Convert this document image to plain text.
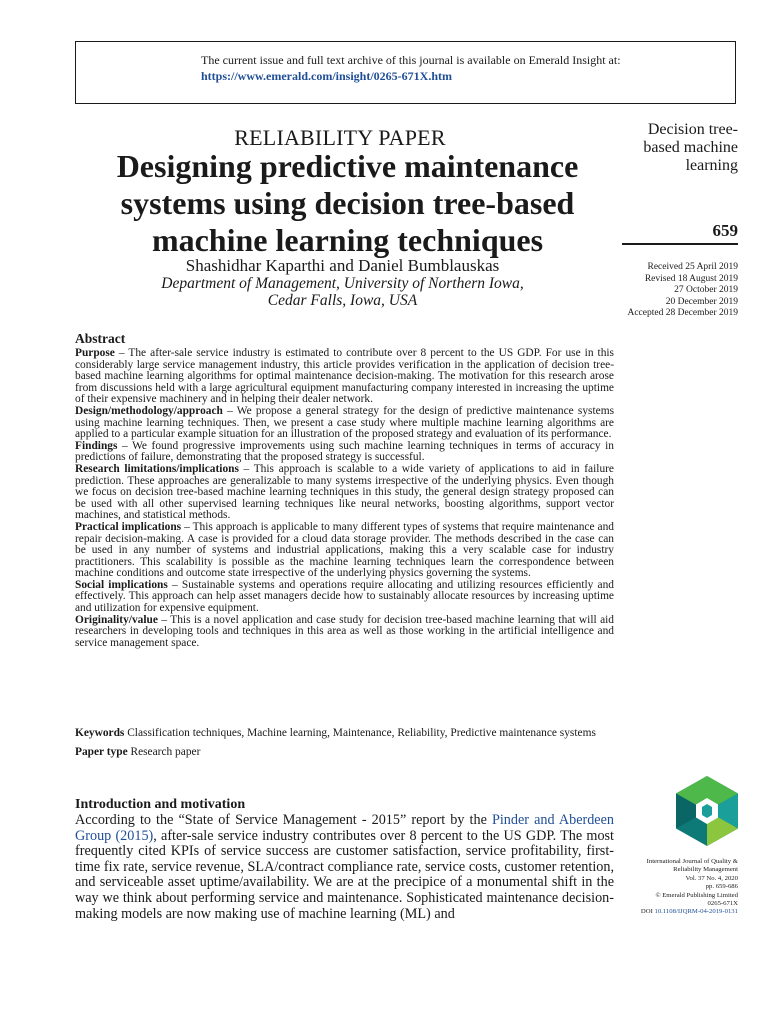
The current issue and full text archive of this journal is available on Emerald Insight at:
https://www.emerald.com/insight/0265-671X.htm
RELIABILITY PAPER
Designing predictive maintenance
systems using decision tree-based
machine learning techniques
Shashidhar Kaparthi and Daniel Bumblauskas
Department of Management, University of Northern Iowa,
Cedar Falls, Iowa, USA
Decision tree-
based machine
learning
659
Received 25 April 2019
Revised 18 August 2019
27 October 2019
20 December 2019
Accepted 28 December 2019
Abstract

Purpose – The after-sale service industry is estimated to contribute over 8 percent to the US GDP. For use in this considerably large service management industry, this article provides verification in the application of decision tree-based machine learning algorithms for optimal maintenance decision-making. The motivation for this research arose from discussions held with a large agricultural equipment manufacturing company interested in increasing the uptime of their expensive machinery and in helping their dealer network.

Design/methodology/approach – We propose a general strategy for the design of predictive maintenance systems using machine learning techniques. Then, we present a case study where multiple machine learning algorithms are applied to a particular example situation for an illustration of the proposed strategy and evaluation of its performance.

Findings – We found progressive improvements using such machine learning techniques in terms of accuracy in predictions of failure, demonstrating that the proposed strategy is successful.

Research limitations/implications – This approach is scalable to a wide variety of applications to aid in failure prediction. These approaches are generalizable to many systems irrespective of the underlying physics. Even though we focus on decision tree-based machine learning techniques in this study, the general design strategy proposed can be used with all other supervised learning techniques like neural networks, boosting algorithms, support vector machines, and statistical methods.

Practical implications – This approach is applicable to many different types of systems that require maintenance and repair decision-making. A case is provided for a cloud data storage provider. The methods described in the case can be used in any number of systems and industrial applications, making this a very scalable case for industry practitioners. This scalability is possible as the machine learning techniques learn the correspondence between machine conditions and outcome state irrespective of the underlying physics governing the systems.

Social implications – Sustainable systems and operations require allocating and utilizing resources efficiently and effectively. This approach can help asset managers decide how to sustainably allocate resources by increasing uptime and utilization for expensive equipment.

Originality/value – This is a novel application and case study for decision tree-based machine learning that will aid researchers in developing tools and techniques in this area as well as those working in the artificial intelligence and service management space.

Keywords Classification techniques, Machine learning, Maintenance, Reliability, Predictive maintenance systems

Paper type Research paper

Introduction and motivation

According to the “State of Service Management - 2015” report by the Pinder and Aberdeen Group (2015), after-sale service industry contributes over 8 percent to the US GDP. The most frequently cited KPIs of service success are customer satisfaction, service profitability, first-time fix rate, service revenue, SLA/contract compliance rate, service costs, customer retention, and serviceable asset uptime/availability. We are at the precipice of a monumental shift in the way we think about performing service and maintenance. Sophisticated maintenance decision-making models are now making use of machine learning (ML) and

International Journal of Quality &
Reliability Management
Vol. 37 No. 4, 2020
pp. 659-686
© Emerald Publishing Limited
0265-671X
DOI 10.1108/IJQRM-04-2019-0131
